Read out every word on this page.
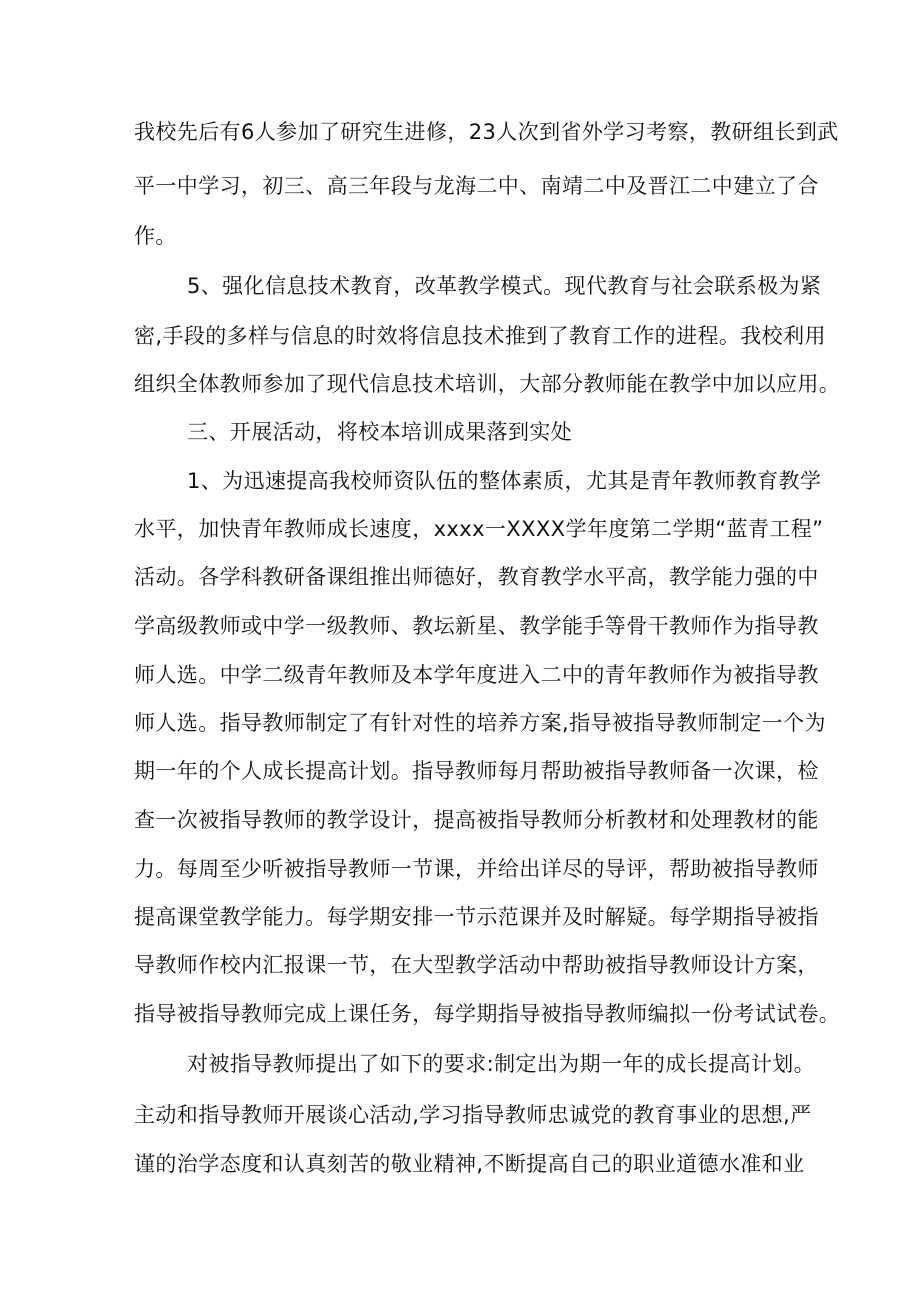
我校先后有6人参加了研究生进修，23人次到省外学习考察，教研组长到武
平一中学习，初三、高三年段与龙海二中、南靖二中及晋江二中建立了合
作。
5、强化信息技术教育，改革教学模式。现代教育与社会联系极为紧
密,手段的多样与信息的时效将信息技术推到了教育工作的进程。我校利用
组织全体教师参加了现代信息技术培训，大部分教师能在教学中加以应用。
三、开展活动，将校本培训成果落到实处
1、为迅速提高我校师资队伍的整体素质，尤其是青年教师教育教学
水平，加快青年教师成长速度，xxxx一XXXX学年度第二学期“蓝青工程”
活动。各学科教研备课组推出师德好，教育教学水平高，教学能力强的中
学高级教师或中学一级教师、教坛新星、教学能手等骨干教师作为指导教
师人选。中学二级青年教师及本学年度进入二中的青年教师作为被指导教
师人选。指导教师制定了有针对性的培养方案,指导被指导教师制定一个为
期一年的个人成长提高计划。指导教师每月帮助被指导教师备一次课，检
查一次被指导教师的教学设计，提高被指导教师分析教材和处理教材的能
力。每周至少听被指导教师一节课，并给出详尽的导评，帮助被指导教师
提高课堂教学能力。每学期安排一节示范课并及时解疑。每学期指导被指
导教师作校内汇报课一节，在大型教学活动中帮助被指导教师设计方案，
指导被指导教师完成上课任务，每学期指导被指导教师编拟一份考试试卷。
对被指导教师提出了如下的要求:制定出为期一年的成长提高计划。
主动和指导教师开展谈心活动,学习指导教师忠诚党的教育事业的思想,严
谨的治学态度和认真刻苦的敬业精神,不断提高自己的职业道德水准和业
